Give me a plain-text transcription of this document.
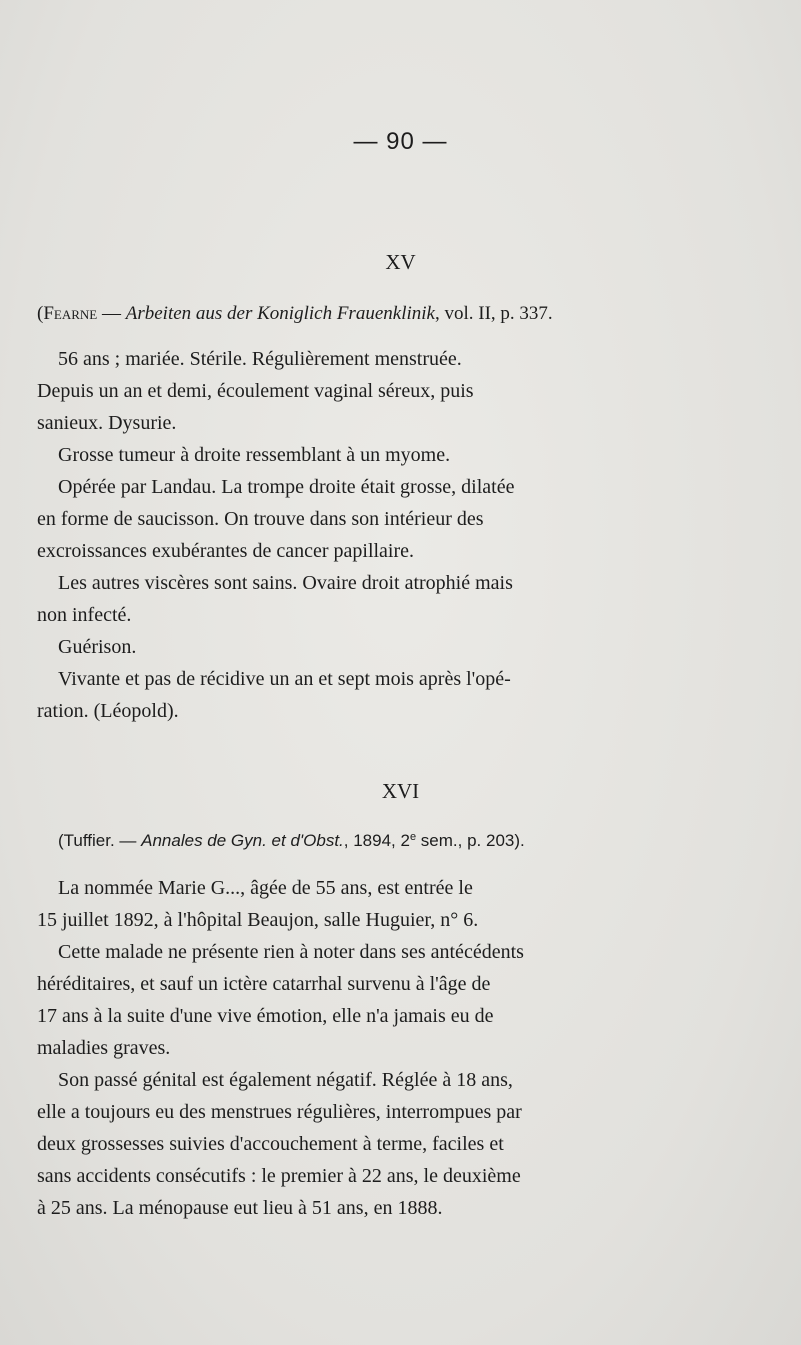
— 90 —
XV
(Fearne — Arbeiten aus der Koniglich Frauenklinik, vol. II, p. 337.
56 ans ; mariée. Stérile. Régulièrement menstruée.
Depuis un an et demi, écoulement vaginal séreux, puis
sanieux. Dysurie.
Grosse tumeur à droite ressemblant à un myome.
Opérée par Landau. La trompe droite était grosse, dilatée
en forme de saucisson. On trouve dans son intérieur des
excroissances exubérantes de cancer papillaire.
Les autres viscères sont sains. Ovaire droit atrophié mais
non infecté.
Guérison.
Vivante et pas de récidive un an et sept mois après l'opé-
ration. (Léopold).
XVI
(Tuffier. — Annales de Gyn. et d'Obst., 1894, 2e sem., p. 203).
La nommée Marie G..., âgée de 55 ans, est entrée le
15 juillet 1892, à l'hôpital Beaujon, salle Huguier, n° 6.
Cette malade ne présente rien à noter dans ses antécédents
héréditaires, et sauf un ictère catarrhal survenu à l'âge de
17 ans à la suite d'une vive émotion, elle n'a jamais eu de
maladies graves.
Son passé génital est également négatif. Réglée à 18 ans,
elle a toujours eu des menstrues régulières, interrompues par
deux grossesses suivies d'accouchement à terme, faciles et
sans accidents consécutifs : le premier à 22 ans, le deuxième
à 25 ans. La ménopause eut lieu à 51 ans, en 1888.
